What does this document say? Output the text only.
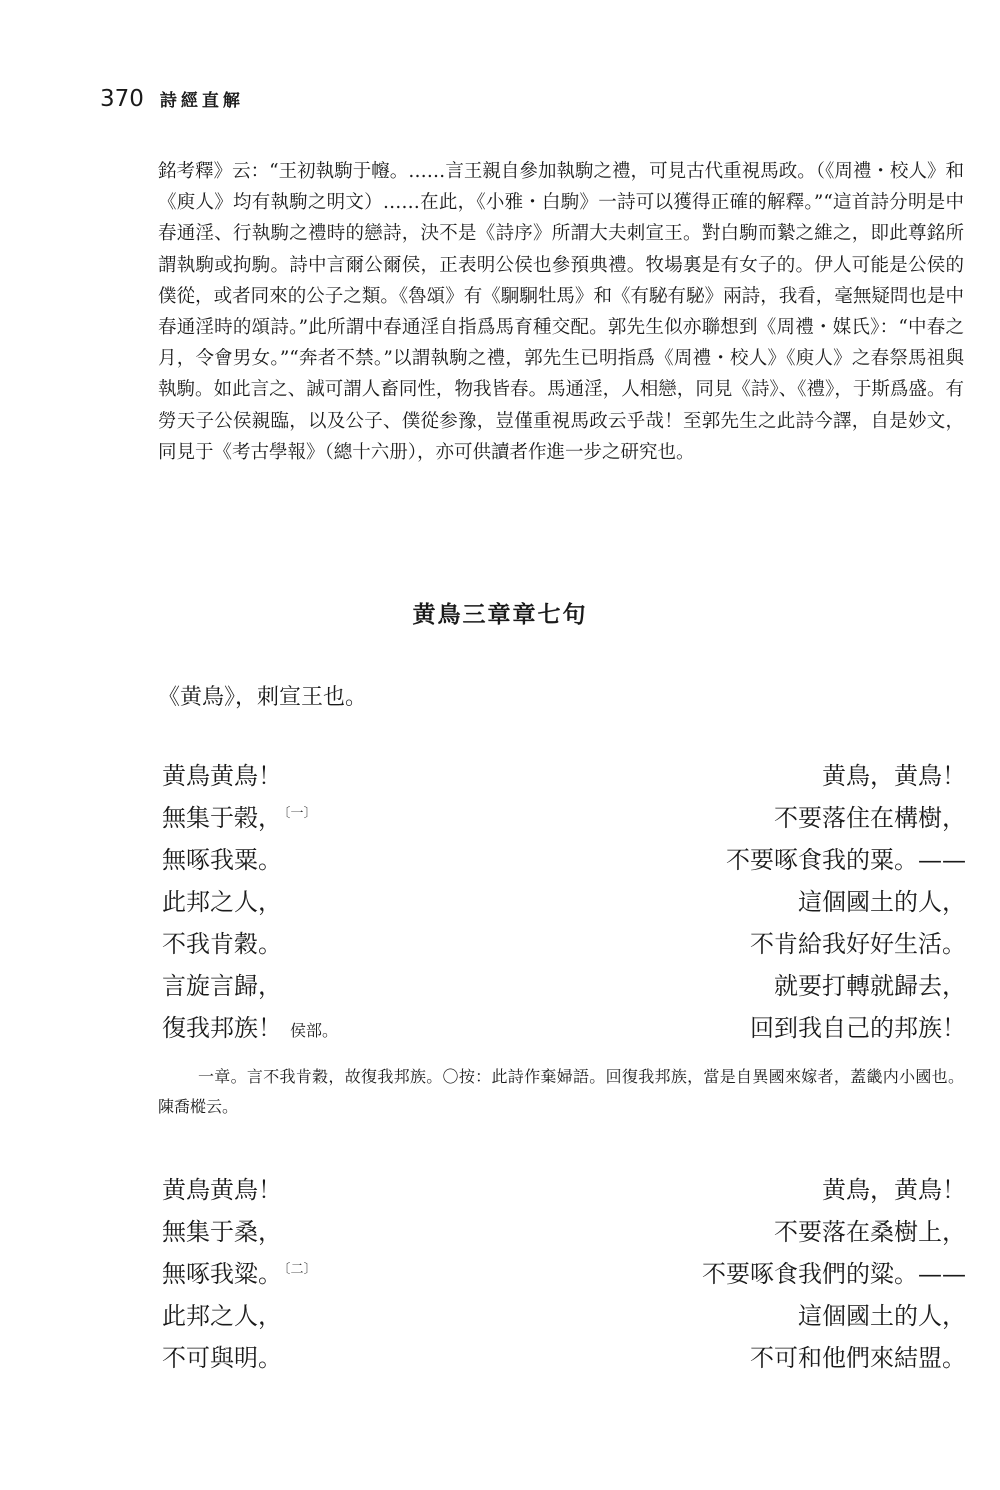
370 詩經直解

銘考釋》云：“王初執駒于㡧。……言王親自參加執駒之禮，可見古代重視馬政。（《周禮・校人》和《庾人》均有執駒之明文）……在此，《小雅・白駒》一詩可以獲得正確的解釋。”“這首詩分明是中春通淫、行執駒之禮時的戀詩，決不是《詩序》所謂大夫刺宣王。對白駒而縶之維之，即此尊銘所謂執駒或拘駒。詩中言爾公爾侯，正表明公侯也參預典禮。牧場裏是有女子的。伊人可能是公侯的僕從，或者同來的公子之類。《魯頌》有《駉駉牡馬》和《有駜有駜》兩詩，我看，毫無疑問也是中春通淫時的頌詩。”此所謂中春通淫自指爲馬育種交配。郭先生似亦聯想到《周禮・媒氏》：“中春之月，令會男女。”“奔者不禁。”以謂執駒之禮，郭先生已明指爲《周禮・校人》《庾人》之春祭馬祖與執駒。如此言之、誠可謂人畜同性，物我皆春。馬通淫，人相戀，同見《詩》、《禮》，于斯爲盛。有勞天子公侯親臨，以及公子、僕從参豫，豈僅重視馬政云乎哉！至郭先生之此詩今譯，自是妙文，同見于《考古學報》（總十六册），亦可供讀者作進一步之研究也。

黄鳥三章章七句
《黄鳥》，刺宣王也。
黄鳥黄鳥！	黄鳥，黄鳥！
無集于榖， $^{〔一〕}$	不要落住在構樹，
無啄我粟。	不要啄食我的粟。——
此邦之人，	這個國土的人，
不我肯穀。	不肯給我好好生活。
言旋言歸，	就要打轉就歸去，
復我邦族！ 侯部。	回到我自己的邦族！

一章。言不我肯穀，故復我邦族。〇按：此詩作棄婦語。回復我邦族，當是自異國來嫁者，蓋畿内小國也。陳喬樅云。

黄鳥黄鳥！	黄鳥，黄鳥！
無集于桑，	不要落在桑樹上，
無啄我粱。 $^{〔二〕}$	不要啄食我們的粱。——
此邦之人，	這個國土的人，
不可與明。	不可和他們來結盟。
